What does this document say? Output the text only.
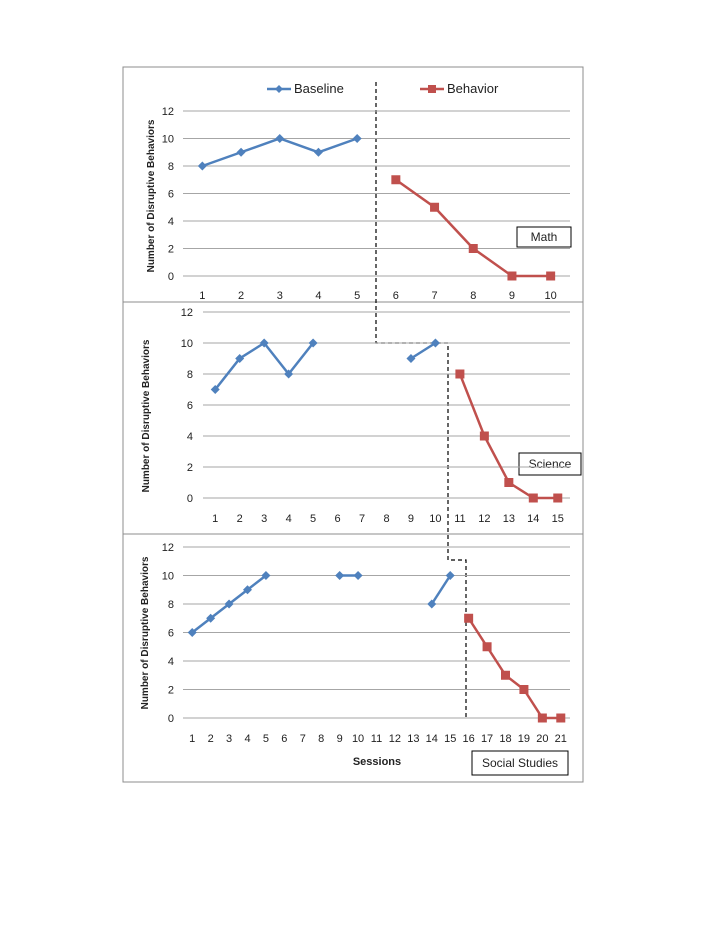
Baseline	Behavior
Number of Disruptive Behaviors
Number of Disruptive Behaviors
Number of Disruptive Behaviors
Sessions
Math
Science
Social Studies
0
2
4
6
8
10
12
1	2	3	4	5	6	7	8	9	10
0
2
4
6
8
10
12
1 2 3 4 5 6 7 8 9 10 11 12 13 14 15
0
2
4
6
8
10
12
1 2 3 4 5 6 7 8 9 10 11 12 13 14 15 16 17 18 19 20 21
